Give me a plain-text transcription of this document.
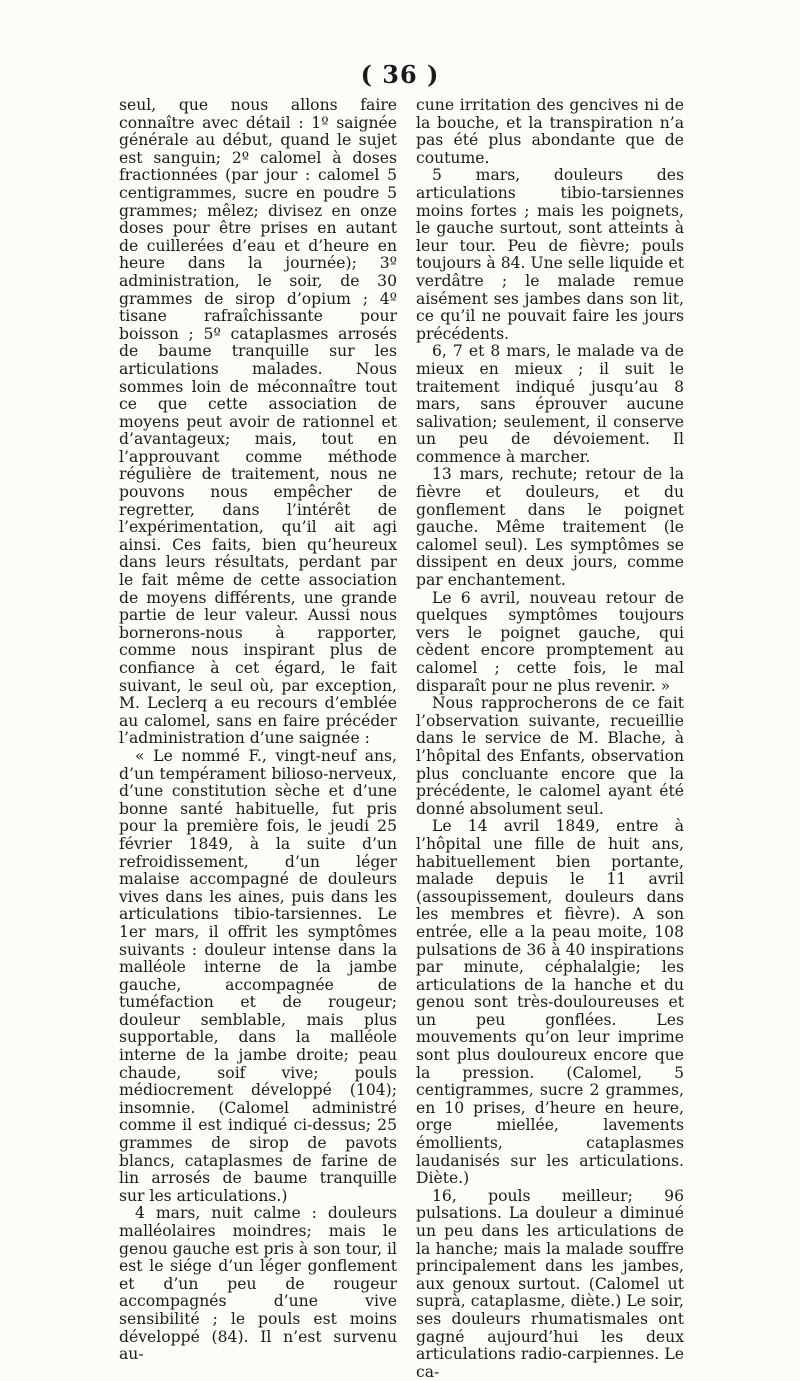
( 36 )

seul, que nous allons faire connaître avec détail : 1º saignée générale au début, quand le sujet est sanguin; 2º calomel à doses fractionnées (par jour : calomel 5 centigrammes, sucre en poudre 5 grammes; mêlez; divisez en onze doses pour être prises en autant de cuillerées d’eau et d’heure en heure dans la journée); 3º administration, le soir, de 30 grammes de sirop d’opium ; 4º tisane rafraîchissante pour boisson ; 5º cataplasmes arrosés de baume tranquille sur les articulations malades. Nous sommes loin de méconnaître tout ce que cette association de moyens peut avoir de rationnel et d’avantageux; mais, tout en l’approuvant comme méthode régulière de traitement, nous ne pouvons nous empêcher de regretter, dans l’intérêt de l’expérimentation, qu’il ait agi ainsi. Ces faits, bien qu’heureux dans leurs résultats, perdant par le fait même de cette association de moyens différents, une grande partie de leur valeur. Aussi nous bornerons-nous à rapporter, comme nous inspirant plus de confiance à cet égard, le fait suivant, le seul où, par exception, M. Leclerq a eu recours d’emblée au calomel, sans en faire précéder l’administration d’une saignée :

« Le nommé F., vingt-neuf ans, d’un tempérament bilioso-nerveux, d’une constitution sèche et d’une bonne santé habituelle, fut pris pour la première fois, le jeudi 25 février 1849, à la suite d’un refroidissement, d’un léger malaise accompagné de douleurs vives dans les aines, puis dans les articulations tibio-tarsiennes. Le 1er mars, il offrit les symptômes suivants : douleur intense dans la malléole interne de la jambe gauche, accompagnée de tuméfaction et de rougeur; douleur semblable, mais plus supportable, dans la malléole interne de la jambe droite; peau chaude, soif vive; pouls médiocrement développé (104); insomnie. (Calomel administré comme il est indiqué ci-dessus; 25 grammes de sirop de pavots blancs, cataplasmes de farine de lin arrosés de baume tranquille sur les articulations.)

4 mars, nuit calme : douleurs malléolaires moindres; mais le genou gauche est pris à son tour, il est le siége d’un léger gonflement et d’un peu de rougeur accompagnés d’une vive sensibilité ; le pouls est moins développé (84). Il n’est survenu au-

cune irritation des gencives ni de la bouche, et la transpiration n’a pas été plus abondante que de coutume.

5 mars, douleurs des articulations tibio-tarsiennes moins fortes ; mais les poignets, le gauche surtout, sont atteints à leur tour. Peu de fièvre; pouls toujours à 84. Une selle liquide et verdâtre ; le malade remue aisément ses jambes dans son lit, ce qu’il ne pouvait faire les jours précédents.

6, 7 et 8 mars, le malade va de mieux en mieux ; il suit le traitement indiqué jusqu’au 8 mars, sans éprouver aucune salivation; seulement, il conserve un peu de dévoiement. Il commence à marcher.

13 mars, rechute; retour de la fièvre et douleurs, et du gonflement dans le poignet gauche. Même traitement (le calomel seul). Les symptômes se dissipent en deux jours, comme par enchantement.

Le 6 avril, nouveau retour de quelques symptômes toujours vers le poignet gauche, qui cèdent encore promptement au calomel ; cette fois, le mal disparaît pour ne plus revenir. »

Nous rapprocherons de ce fait l’observation suivante, recueillie dans le service de M. Blache, à l’hôpital des Enfants, observation plus concluante encore que la précédente, le calomel ayant été donné absolument seul.

Le 14 avril 1849, entre à l’hôpital une fille de huit ans, habituellement bien portante, malade depuis le 11 avril (assoupissement, douleurs dans les membres et fièvre). A son entrée, elle a la peau moite, 108 pulsations de 36 à 40 inspirations par minute, céphalalgie; les articulations de la hanche et du genou sont très-douloureuses et un peu gonflées. Les mouvements qu’on leur imprime sont plus douloureux encore que la pression. (Calomel, 5 centigrammes, sucre 2 grammes, en 10 prises, d’heure en heure, orge miellée, lavements émollients, cataplasmes laudanisés sur les articulations. Diète.)

16, pouls meilleur; 96 pulsations. La douleur a diminué un peu dans les articulations de la hanche; mais la malade souffre principalement dans les jambes, aux genoux surtout. (Calomel ut suprà, cataplasme, diète.) Le soir, ses douleurs rhumatismales ont gagné aujourd’hui les deux articulations radio-carpiennes. Le ca-
